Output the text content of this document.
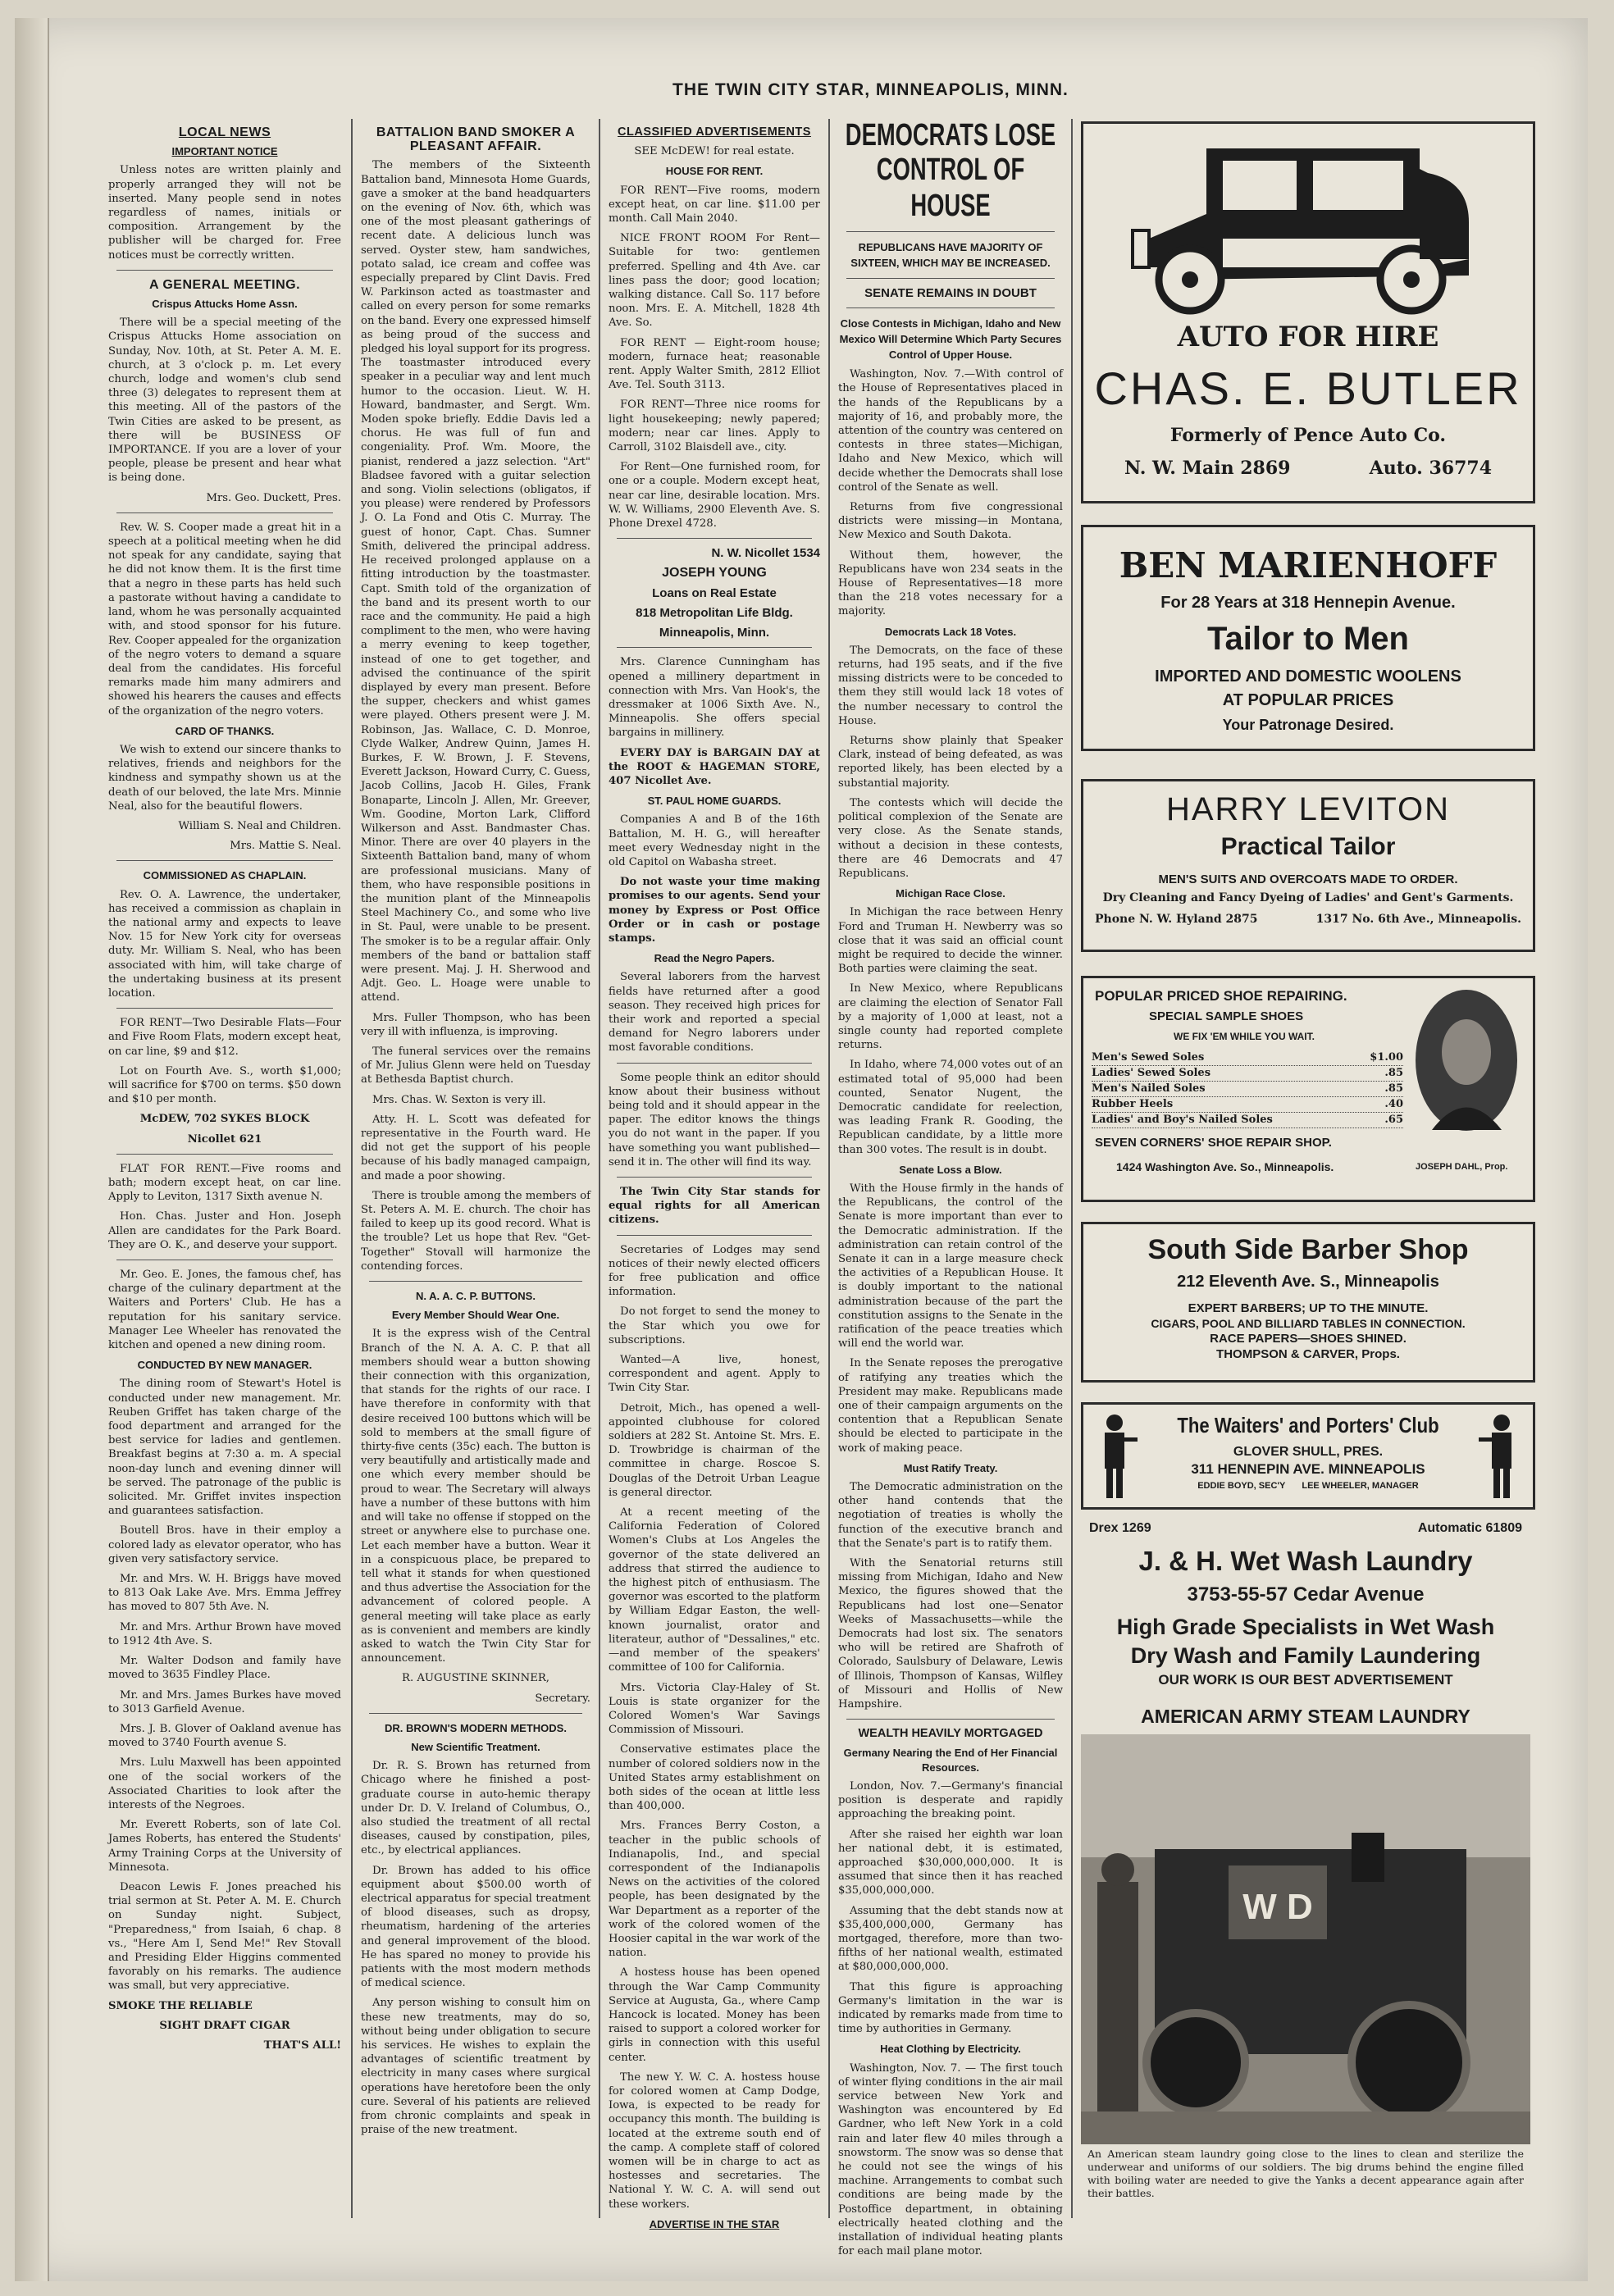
THE TWIN CITY STAR, MINNEAPOLIS, MINN.
LOCAL NEWS
IMPORTANT NOTICE

Unless notes are written plainly and properly arranged they will not be inserted. Many people send in notes regardless of names, initials or composition. Arrangement by the publisher will be charged for. Free notices must be correctly written.

A GENERAL MEETING.
Crispus Attucks Home Assn.

There will be a special meeting of the Crispus Attucks Home association on Sunday, Nov. 10th, at St. Peter A. M. E. church, at 3 o'clock p. m. Let every church, lodge and women's club send three (3) delegates to represent them at this meeting. All of the pastors of the Twin Cities are asked to be present, as there will be BUSINESS OF IMPORTANCE. If you are a lover of your people, please be present and hear what is being done.

Mrs. Geo. Duckett, Pres.

Rev. W. S. Cooper made a great hit in a speech at a political meeting when he did not speak for any candidate, saying that he did not know them. It is the first time that a negro in these parts has held such a pastorate without having a candidate to land, whom he was personally acquainted with, and stood sponsor for his future. Rev. Cooper appealed for the organization of the negro voters to demand a square deal from the candidates. His forceful remarks made him many admirers and showed his hearers the causes and effects of the organization of the negro voters.

CARD OF THANKS.

We wish to extend our sincere thanks to relatives, friends and neighbors for the kindness and sympathy shown us at the death of our beloved, the late Mrs. Minnie Neal, also for the beautiful flowers.

William S. Neal and Children.

Mrs. Mattie S. Neal.

COMMISSIONED AS CHAPLAIN.

Rev. O. A. Lawrence, the undertaker, has received a commission as chaplain in the national army and expects to leave Nov. 15 for New York city for overseas duty. Mr. William S. Neal, who has been associated with him, will take charge of the undertaking business at its present location.

FOR RENT—Two Desirable Flats—Four and Five Room Flats, modern except heat, on car line, $9 and $12.

Lot on Fourth Ave. S., worth $1,000; will sacrifice for $700 on terms. $50 down and $10 per month.

McDEW, 702 SYKES BLOCK

Nicollet 621

FLAT FOR RENT.—Five rooms and bath; modern except heat, on car line. Apply to Leviton, 1317 Sixth avenue N.

Hon. Chas. Juster and Hon. Joseph Allen are candidates for the Park Board. They are O. K., and deserve your support.

Mr. Geo. E. Jones, the famous chef, has charge of the culinary department at the Waiters and Porters' Club. He has a reputation for his sanitary service. Manager Lee Wheeler has renovated the kitchen and opened a new dining room.

CONDUCTED BY NEW MANAGER.

The dining room of Stewart's Hotel is conducted under new management. Mr. Reuben Griffet has taken charge of the food department and arranged for the best service for ladies and gentlemen. Breakfast begins at 7:30 a. m. A special noon-day lunch and evening dinner will be served. The patronage of the public is solicited. Mr. Griffet invites inspection and guarantees satisfaction.

Boutell Bros. have in their employ a colored lady as elevator operator, who has given very satisfactory service.

Mr. and Mrs. W. H. Briggs have moved to 813 Oak Lake Ave. Mrs. Emma Jeffrey has moved to 807 5th Ave. N.

Mr. and Mrs. Arthur Brown have moved to 1912 4th Ave. S.

Mr. Walter Dodson and family have moved to 3635 Findley Place.

Mr. and Mrs. James Burkes have moved to 3013 Garfield Avenue.

Mrs. J. B. Glover of Oakland avenue has moved to 3740 Fourth avenue S.

Mrs. Lulu Maxwell has been appointed one of the social workers of the Associated Charities to look after the interests of the Negroes.

Mr. Everett Roberts, son of late Col. James Roberts, has entered the Students' Army Training Corps at the University of Minnesota.

Deacon Lewis F. Jones preached his trial sermon at St. Peter A. M. E. Church on Sunday night. Subject, "Preparedness," from Isaiah, 6 chap. 8 vs., "Here Am I, Send Me!" Rev Stovall and Presiding Elder Higgins commented favorably on his remarks. The audience was small, but very appreciative.

SMOKE THE RELIABLE

SIGHT DRAFT CIGAR

THAT'S ALL!

BATTALION BAND SMOKER A PLEASANT AFFAIR.

The members of the Sixteenth Battalion band, Minnesota Home Guards, gave a smoker at the band headquarters on the evening of Nov. 6th, which was one of the most pleasant gatherings of recent date. A delicious lunch was served. Oyster stew, ham sandwiches, potato salad, ice cream and coffee was especially prepared by Clint Davis. Fred W. Parkinson acted as toastmaster and called on every person for some remarks on the band. Every one expressed himself as being proud of the success and pledged his loyal support for its progress. The toastmaster introduced every speaker in a peculiar way and lent much humor to the occasion. Lieut. W. H. Howard, bandmaster, and Sergt. Wm. Moden spoke briefly. Eddie Davis led a chorus. He was full of fun and congeniality. Prof. Wm. Moore, the pianist, rendered a jazz selection. "Art" Bladsee favored with a guitar selection and song. Violin selections (obligatos, if you please) were rendered by Professors J. O. La Fond and Otis C. Murray. The guest of honor, Capt. Chas. Sumner Smith, delivered the principal address. He received prolonged applause on a fitting introduction by the toastmaster. Capt. Smith told of the organization of the band and its present worth to our race and the community. He paid a high compliment to the men, who were having a merry evening to keep together, instead of one to get together, and advised the continuance of the spirit displayed by every man present. Before the supper, checkers and whist games were played. Others present were J. M. Robinson, Jas. Wallace, C. D. Monroe, Clyde Walker, Andrew Quinn, James H. Burkes, F. W. Brown, J. F. Stevens, Everett Jackson, Howard Curry, C. Guess, Jacob Collins, Jacob H. Giles, Frank Bonaparte, Lincoln J. Allen, Mr. Greever, Wm. Goodine, Morton Lark, Clifford Wilkerson and Asst. Bandmaster Chas. Minor. There are over 40 players in the Sixteenth Battalion band, many of whom are professional musicians. Many of them, who have responsible positions in the munition plant of the Minneapolis Steel Machinery Co., and some who live in St. Paul, were unable to be present. The smoker is to be a regular affair. Only members of the band or battalion staff were present. Maj. J. H. Sherwood and Adjt. Geo. L. Hoage were unable to attend.

Mrs. Fuller Thompson, who has been very ill with influenza, is improving.

The funeral services over the remains of Mr. Julius Glenn were held on Tuesday at Bethesda Baptist church.

Mrs. Chas. W. Sexton is very ill.

Atty. H. L. Scott was defeated for representative in the Fourth ward. He did not get the support of his people because of his badly managed campaign, and made a poor showing.

There is trouble among the members of St. Peters A. M. E. church. The choir has failed to keep up its good record. What is the trouble? Let us hope that Rev. "Get-Together" Stovall will harmonize the contending forces.

N. A. A. C. P. BUTTONS.
Every Member Should Wear One.

It is the express wish of the Central Branch of the N. A. A. C. P. that all members should wear a button showing their connection with this organization, that stands for the rights of our race. I have therefore in conformity with that desire received 100 buttons which will be sold to members at the small figure of thirty-five cents (35c) each. The button is very beautifully and artistically made and one which every member should be proud to wear. The Secretary will always have a number of these buttons with him and will take no offense if stopped on the street or anywhere else to purchase one. Let each member have a button. Wear it in a conspicuous place, be prepared to tell what it stands for when questioned and thus advertise the Association for the advancement of colored people. A general meeting will take place as early as is convenient and members are kindly asked to watch the Twin City Star for announcement.

R. AUGUSTINE SKINNER,

Secretary.

DR. BROWN'S MODERN METHODS.
New Scientific Treatment.

Dr. R. S. Brown has returned from Chicago where he finished a post-graduate course in auto-hemic therapy under Dr. D. V. Ireland of Columbus, O., also studied the treatment of all rectal diseases, caused by constipation, piles, etc., by electrical appliances.

Dr. Brown has added to his office equipment about $500.00 worth of electrical apparatus for special treatment of blood diseases, such as dropsy, rheumatism, hardening of the arteries and general improvement of the blood. He has spared no money to provide his patients with the most modern methods of medical science.

Any person wishing to consult him on these new treatments, may do so, without being under obligation to secure his services. He wishes to explain the advantages of scientific treatment by electricity in many cases where surgical operations have heretofore been the only cure. Several of his patients are relieved from chronic complaints and speak in praise of the new treatment.

CLASSIFIED ADVERTISEMENTS

SEE McDEW! for real estate.

HOUSE FOR RENT.

FOR RENT—Five rooms, modern except heat, on car line. $11.00 per month. Call Main 2040.

NICE FRONT ROOM For Rent—Suitable for two: gentlemen preferred. Spelling and 4th Ave. car lines pass the door; good location; walking distance. Call So. 117 before noon. Mrs. E. A. Mitchell, 1828 4th Ave. So.

FOR RENT — Eight-room house; modern, furnace heat; reasonable rent. Apply Walter Smith, 2812 Elliot Ave. Tel. South 3113.

FOR RENT—Three nice rooms for light housekeeping; newly papered; modern; near car lines. Apply to Carroll, 3102 Blaisdell ave., city.

For Rent—One furnished room, for one or a couple. Modern except heat, near car line, desirable location. Mrs. W. W. Williams, 2900 Eleventh Ave. S. Phone Drexel 4728.

N. W. Nicollet 1534

JOSEPH YOUNG

Loans on Real Estate

818 Metropolitan Life Bldg.

Minneapolis, Minn.

Mrs. Clarence Cunningham has opened a millinery department in connection with Mrs. Van Hook's, the dressmaker at 1006 Sixth Ave. N., Minneapolis. She offers special bargains in millinery.

EVERY DAY is BARGAIN DAY at the ROOT & HAGEMAN STORE, 407 Nicollet Ave.

ST. PAUL HOME GUARDS.

Companies A and B of the 16th Battalion, M. H. G., will hereafter meet every Wednesday night in the old Capitol on Wabasha street.

Do not waste your time making promises to our agents. Send your money by Express or Post Office Order or in cash or postage stamps.

Read the Negro Papers.

Several laborers from the harvest fields have returned after a good season. They received high prices for their work and reported a special demand for Negro laborers under most favorable conditions.

Some people think an editor should know about their business without being told and it should appear in the paper. The editor knows the things you do not want in the paper. If you have something you want published—send it in. The other will find its way.

The Twin City Star stands for equal rights for all American citizens.

Secretaries of Lodges may send notices of their newly elected officers for free publication and office information.

Do not forget to send the money to the Star which you owe for subscriptions.

Wanted—A live, honest, correspondent and agent. Apply to Twin City Star.

Detroit, Mich., has opened a well-appointed clubhouse for colored soldiers at 282 St. Antoine St. Mrs. E. D. Trowbridge is chairman of the committee in charge. Roscoe S. Douglas of the Detroit Urban League is general director.

At a recent meeting of the California Federation of Colored Women's Clubs at Los Angeles the governor of the state delivered an address that stirred the audience to the highest pitch of enthusiasm. The governor was escorted to the platform by William Edgar Easton, the well-known journalist, orator and literateur, author of "Dessalines," etc.—and member of the speakers' committee of 100 for California.

Mrs. Victoria Clay-Haley of St. Louis is state organizer for the Colored Women's War Savings Commission of Missouri.

Conservative estimates place the number of colored soldiers now in the United States army establishment on both sides of the ocean at little less than 400,000.

Mrs. Frances Berry Coston, a teacher in the public schools of Indianapolis, Ind., and special correspondent of the Indianapolis News on the activities of the colored people, has been designated by the War Department as a reporter of the work of the colored women of the Hoosier capital in the war work of the nation.

A hostess house has been opened through the War Camp Community Service at Augusta, Ga., where Camp Hancock is located. Money has been raised to support a colored worker for girls in connection with this useful center.

The new Y. W. C. A. hostess house for colored women at Camp Dodge, Iowa, is expected to be ready for occupancy this month. The building is located at the extreme south end of the camp. A complete staff of colored women will be in charge to act as hostesses and secretaries. The National Y. W. C. A. will send out these workers.

ADVERTISE IN THE STAR
DEMOCRATS LOSE
CONTROL OF HOUSE
REPUBLICANS HAVE MAJORITY OF SIXTEEN, WHICH MAY BE INCREASED.
SENATE REMAINS IN DOUBT
Close Contests in Michigan, Idaho and New Mexico Will Determine Which Party Secures Control of Upper House.

Washington, Nov. 7.—With control of the House of Representatives placed in the hands of the Republicans by a majority of 16, and probably more, the attention of the country was centered on contests in three states—Michigan, Idaho and New Mexico, which will decide whether the Democrats shall lose control of the Senate as well.

Returns from five congressional districts were missing—in Montana, New Mexico and South Dakota.

Without them, however, the Republicans have won 234 seats in the House of Representatives—18 more than the 218 votes necessary for a majority.

Democrats Lack 18 Votes.

The Democrats, on the face of these returns, had 195 seats, and if the five missing districts were to be conceded to them they still would lack 18 votes of the number necessary to control the House.

Returns show plainly that Speaker Clark, instead of being defeated, as was reported likely, has been elected by a substantial majority.

The contests which will decide the political complexion of the Senate are very close. As the Senate stands, without a decision in these contests, there are 46 Democrats and 47 Republicans.

Michigan Race Close.

In Michigan the race between Henry Ford and Truman H. Newberry was so close that it was said an official count might be required to decide the winner. Both parties were claiming the seat.

In New Mexico, where Republicans are claiming the election of Senator Fall by a majority of 1,000 at least, not a single county had reported complete returns.

In Idaho, where 74,000 votes out of an estimated total of 95,000 had been counted, Senator Nugent, the Democratic candidate for reelection, was leading Frank R. Gooding, the Republican candidate, by a little more than 300 votes. The result is in doubt.

Senate Loss a Blow.

With the House firmly in the hands of the Republicans, the control of the Senate is more important than ever to the Democratic administration. If the administration can retain control of the Senate it can in a large measure check the activities of a Republican House. It is doubly important to the national administration because of the part the constitution assigns to the Senate in the ratification of the peace treaties which will end the world war.

In the Senate reposes the prerogative of ratifying any treaties which the President may make. Republicans made one of their campaign arguments on the contention that a Republican Senate should be elected to participate in the work of making peace.

Must Ratify Treaty.

The Democratic administration on the other hand contends that the negotiation of treaties is wholly the function of the executive branch and that the Senate's part is to ratify them.

With the Senatorial returns still missing from Michigan, Idaho and New Mexico, the figures showed that the Republicans had lost one—Senator Weeks of Massachusetts—while the Democrats had lost six. The senators who will be retired are Shafroth of Colorado, Saulsbury of Delaware, Lewis of Illinois, Thompson of Kansas, Wilfley of Missouri and Hollis of New Hampshire.

WEALTH HEAVILY MORTGAGED
Germany Nearing the End of Her Financial Resources.

London, Nov. 7.—Germany's financial position is desperate and rapidly approaching the breaking point.

After she raised her eighth war loan her national debt, it is estimated, approached $30,000,000,000. It is assumed that since then it has reached $35,000,000,000.

Assuming that the debt stands now at $35,400,000,000, Germany has mortgaged, therefore, more than two-fifths of her national wealth, estimated at $80,000,000,000.

That this figure is approaching Germany's limitation in the war is indicated by remarks made from time to time by authorities in Germany.

Heat Clothing by Electricity.

Washington, Nov. 7. — The first touch of winter flying conditions in the air mail service between New York and Washington was encountered by Ed Gardner, who left New York in a cold rain and later flew 40 miles through a snowstorm. The snow was so dense that he could not see the wings of his machine. Arrangements to combat such conditions are being made by the Postoffice department, in obtaining electrically heated clothing and the installation of individual heating plants for each mail plane motor.

AUTO FOR HIRE
CHAS. E. BUTLER
Formerly of Pence Auto Co.
N. W. Main 2869	Auto. 36774
BEN MARIENHOFF
For 28 Years at 318 Hennepin Avenue.
Tailor to Men
IMPORTED AND DOMESTIC WOOLENS
AT POPULAR PRICES
Your Patronage Desired.
HARRY LEVITON
Practical Tailor
MEN'S SUITS AND OVERCOATS MADE TO ORDER.
Dry Cleaning and Fancy Dyeing of Ladies' and Gent's Garments.
Phone N. W. Hyland 2875	1317 No. 6th Ave., Minneapolis.
POPULAR PRICED SHOE REPAIRING.
SPECIAL SAMPLE SHOES
WE FIX 'EM WHILE YOU WAIT.
Men's Sewed Soles	$1.00
Ladies' Sewed Soles	.85
Men's Nailed Soles	.85
Rubber Heels	.40
Ladies' and Boy's Nailed Soles	.65
SEVEN CORNERS' SHOE REPAIR SHOP.
1424 Washington Ave. So., Minneapolis.	JOSEPH DAHL, Prop.
South Side Barber Shop
212 Eleventh Ave. S., Minneapolis
EXPERT BARBERS; UP TO THE MINUTE.
CIGARS, POOL AND BILLIARD TABLES IN CONNECTION.
RACE PAPERS—SHOES SHINED.
THOMPSON & CARVER, Props.
The Waiters' and Porters' Club
GLOVER SHULL, PRES.
311 HENNEPIN AVE. MINNEAPOLIS
EDDIE BOYD, SEC'Y LEE WHEELER, MANAGER
Drex 1269	Automatic 61809
J. & H. Wet Wash Laundry
3753-55-57 Cedar Avenue
High Grade Specialists in Wet Wash
Dry Wash and Family Laundering
OUR WORK IS OUR BEST ADVERTISEMENT
AMERICAN ARMY STEAM LAUNDRY
W D
An American steam laundry going close to the lines to clean and sterilize the underwear and uniforms of our soldiers. The big drums behind the engine filled with boiling water are needed to give the Yanks a decent appearance again after their battles.
